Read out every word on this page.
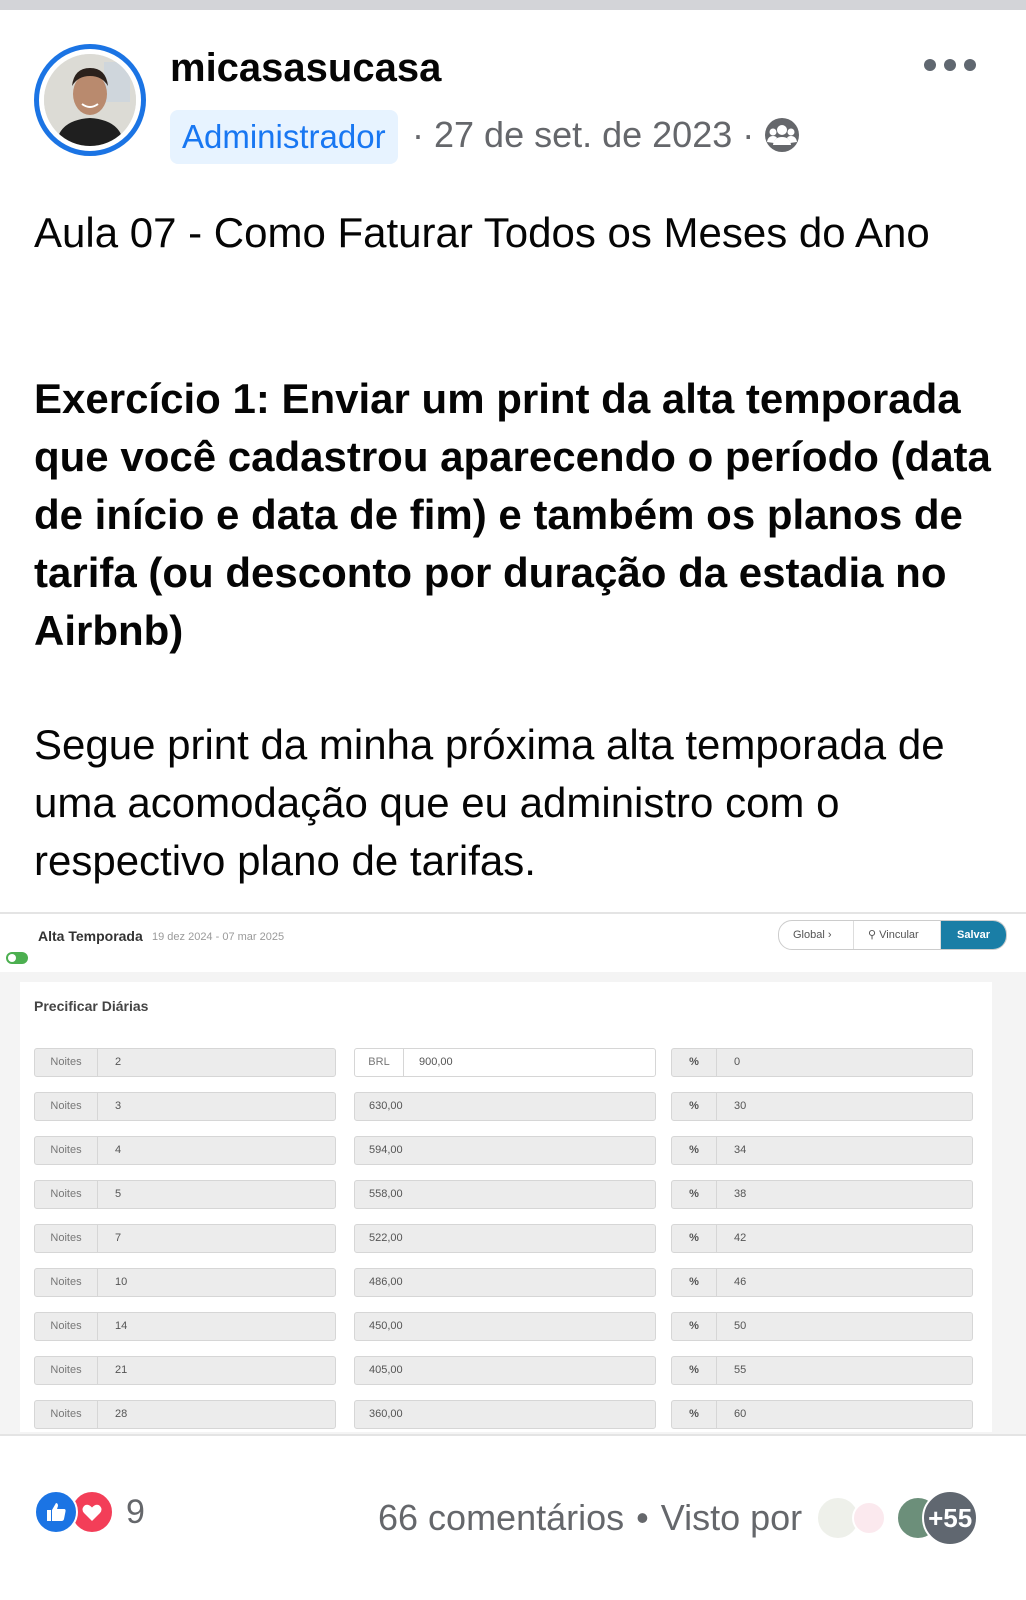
micasasucasa
Administrador · 27 de set. de 2023 ·
Aula 07 - Como Faturar Todos os Meses do Ano
Exercício 1: Enviar um print da alta temporada que você cadastrou aparecendo o período (data de início e data de fim) e também os planos de tarifa (ou desconto por duração da estadia no Airbnb)
Segue print da minha próxima alta temporada de uma acomodação que eu administro com o respectivo plano de tarifas.
Alta Temporada 19 dez 2024 - 07 mar 2025	Global ›	⚲ Vincular	Salvar
Precificar Diárias
Noites	2	BRL	900,00	%	0
Noites	3	630,00	%	30
Noites	4	594,00	%	34
Noites	5	558,00	%	38
Noites	7	522,00	%	42
Noites	10	486,00	%	46
Noites	14	450,00	%	50
Noites	21	405,00	%	55
Noites	28	360,00	%	60
9	66 comentários • Visto por	+55
